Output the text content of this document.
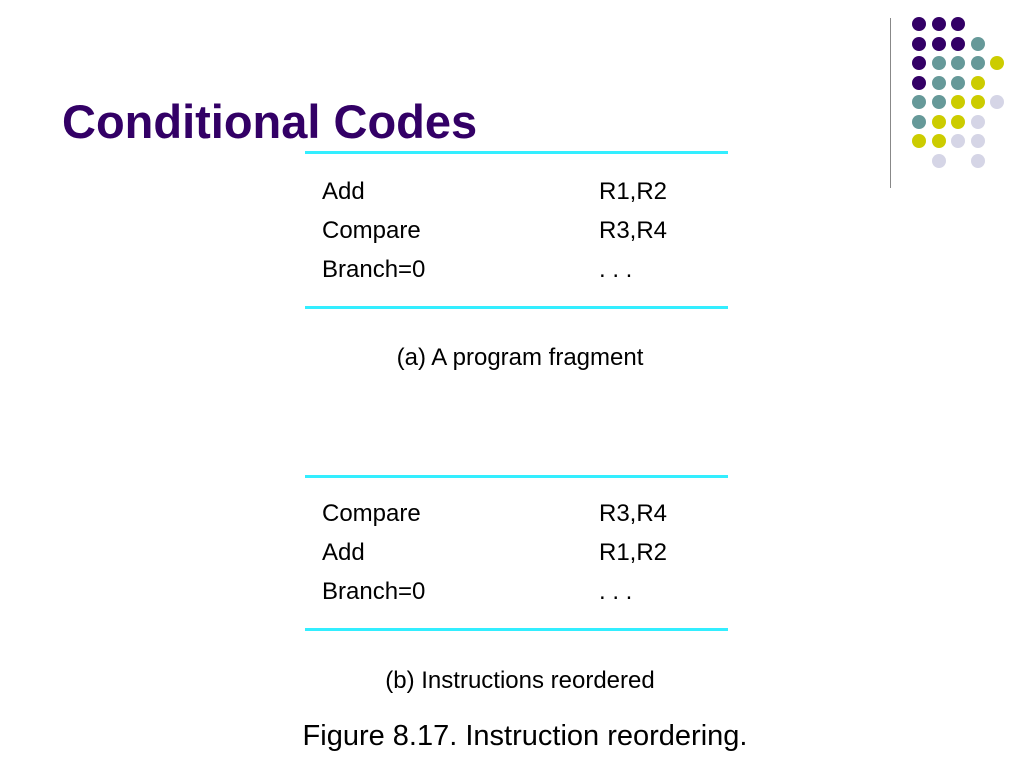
Conditional Codes
Add	R1,R2
Compare	R3,R4
Branch=0	. . .
(a) A program fragment
Compare	R3,R4
Add	R1,R2
Branch=0	. . .
(b) Instructions reordered
Figure 8.17. Instruction reordering.
